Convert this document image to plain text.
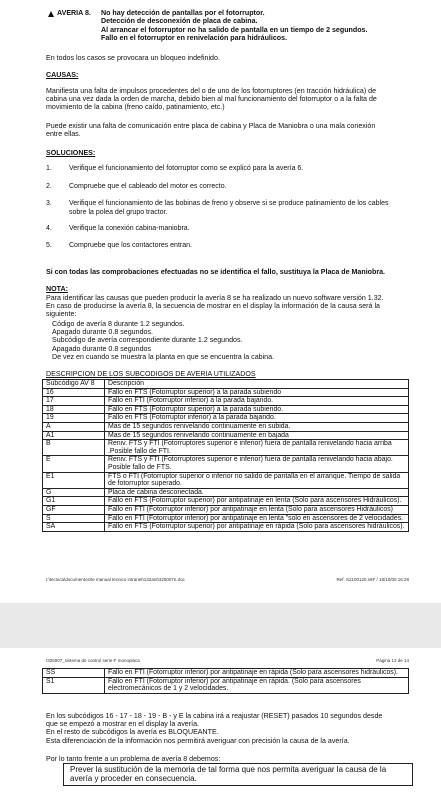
AVERIA 8. No hay detección de pantallas por el fotorruptor.
Detección de desconexión de placa de cabina.
Al arrancar el fotorruptor no ha salido de pantalla en un tiempo de 2 segundos.
Fallo en el fotorruptor en renivelación para hidráulicos.
En todos los casos se provocara un bloqueo indefinido.
CAUSAS:
Manifiesta una falta de impulsos procedentes del o de uno de los fotorruptores (en tracción hidráulica) de
cabina una vez dada la orden de marcha, debido bien al mal funcionamiento del fotorruptor o a la falta de
movimiento de la cabina (freno caído, patinamiento, etc.)
Puede existir una falta de comunicación entre placa de cabina y Placa de Maniobra o una mala conexión
entre ellas.
SOLUCIONES:
1. Verifique el funcionamiento del fotorruptor como se explicó para la avería 6.
2. Compruebe que el cableado del motor es correcto.
3. Verifique el funcionamiento de las bobinas de freno y observe si se produce patinamiento de los cables
sobre la polea del grupo tractor.
4. Verifique la conexión cabina-maniobra.
5. Compruebe que los contactores entran.
Si con todas las comprobaciones efectuadas no se identifica el fallo, sustituya la Placa de Maniobra.
NOTA:
Para identificar las causas que pueden producir la avería 8 se ha realizado un nuevo software versión 1.32.
En caso de producirse la avería 8, la secuencia de mostrar en el display la información de la causa será la
siguiente:
Código de avería 8 durante 1.2 segundos.
Apagado durante 0.8 segundos.
Subcódigo de avería correspondiente durante 1.2 segundos.
Apagado durante 0.8 segundos
De vez en cuando se muestra la planta en que se encuentra la cabina.
DESCRIPCION DE LOS SUBCODIGOS DE AVERIA UTILIZADOS
Subcódigo AV 8	Descripción
16	Fallo en FTS (Fotorruptor superior) a la parada subiendo
17	Fallo en FTI (Fotorruptor inferior) a la parada bajando.
18	Fallo en FTS (Fotorruptor superior) a la parada subiendo.
19	Fallo en FTS (Fotorruptor inferior) a la parada bajando.
A	Mas de 15 segundos renivelando continuamente en subida.
A1	Mas de 15 segundos renivelando continuamente en bajada
B	Reniv. FTS y FTI (Fotorruptores superior e inferior) fuera de pantalla renivelando hacia arriba .Posible fallo de FTI.
E	Reniv. FTS y FTI (Fotorruptores superior e inferior) fuera de pantalla renivelando hacia abajo. Posible fallo de FTS.
E1	FTS o FTI (Fotorruptor superior o inferior no salido de pantalla en el arranque. Tiempo de salida de fotorruptor superado.
G	Placa de cabina desconectada.
G1	Fallo en FTS (Fotorruptor superior) por antipatinaje en lenta (Solo para ascensores Hidráulicos).
GF	Fallo en FTI (Fotorruptor inferior) por antipatinaje en lenta (Solo para ascensores Hidráulicos)
S	Fallo en FTI (Fotorruptor inferior) por antipatinaje en lenta "solo en ascensores de 2 velocidades.
SA	Fallo en FTS (Fotorruptor superior) por antipatinaje en rápida (Solo para ascensores hidráulicos).
I:\tecnica\documentos\te manual tecnico intranet\132ant\325007e.doc	Ref. S2100120.s6F / 18/10/00 16:28
I325007_sistema de control serie-F monoplaca	Página 13 de 14
SS	Fallo en FTI (Fotorruptor inferior) por antipatinaje en rápida (Solo para ascensores hidráulicos).
S1	Fallo en FTI (Fotorruptor inferior) por antipatinaje en rápida. (Solo para ascensores electromecánicos de 1 y 2 velocidades.
En los subcódigos 16 - 17 - 18 - 19 - B - y E la cabina irá a reajustar (RESET) pasados 10 segundos desde
que se empezó a mostrar en el display la avería.
En el resto de subcódigos la avería es BLOQUEANTE.
Esta diferenciación de la información nos permitirá averiguar con precisión la causa de la avería.
Por lo tanto frente a un problema de avería 8 debemos:
Prever la sustitución de la memoria de tal forma que nos permita averiguar la causa de la
avería y proceder en consecuencia.
